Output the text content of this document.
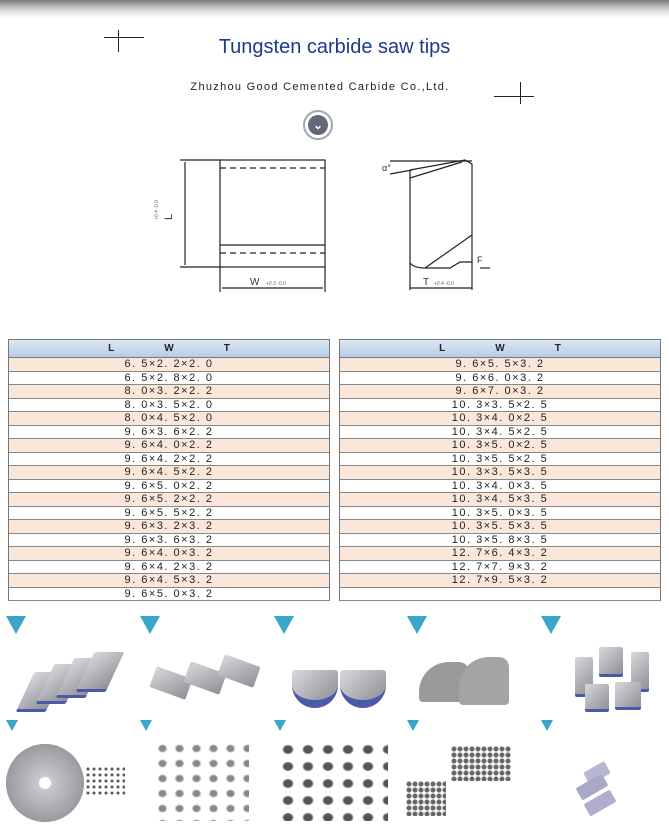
Tungsten carbide saw tips
Zhuzhou Good Cemented Carbide Co.,Ltd.
⌄
L
W +0.3 -0.0
+0.4 -0.0
T +0.4 -0.0
α°
F
L	W	T
6. 5×2. 2×2. 0
6. 5×2. 8×2. 0
8. 0×3. 2×2. 2
8. 0×3. 5×2. 0
8. 0×4. 5×2. 0
9. 6×3. 6×2. 2
9. 6×4. 0×2. 2
9. 6×4. 2×2. 2
9. 6×4. 5×2. 2
9. 6×5. 0×2. 2
9. 6×5. 2×2. 2
9. 6×5. 5×2. 2
9. 6×3. 2×3. 2
9. 6×3. 6×3. 2
9. 6×4. 0×3. 2
9. 6×4. 2×3. 2
9. 6×4. 5×3. 2
9. 6×5. 0×3. 2
L	W	T
9. 6×5. 5×3. 2
9. 6×6. 0×3. 2
9. 6×7. 0×3. 2
10. 3×3. 5×2. 5
10. 3×4. 0×2. 5
10. 3×4. 5×2. 5
10. 3×5. 0×2. 5
10. 3×5. 5×2. 5
10. 3×3. 5×3. 5
10. 3×4. 0×3. 5
10. 3×4. 5×3. 5
10. 3×5. 0×3. 5
10. 3×5. 5×3. 5
10. 3×5. 8×3. 5
12. 7×6. 4×3. 2
12. 7×7. 9×3. 2
12. 7×9. 5×3. 2
